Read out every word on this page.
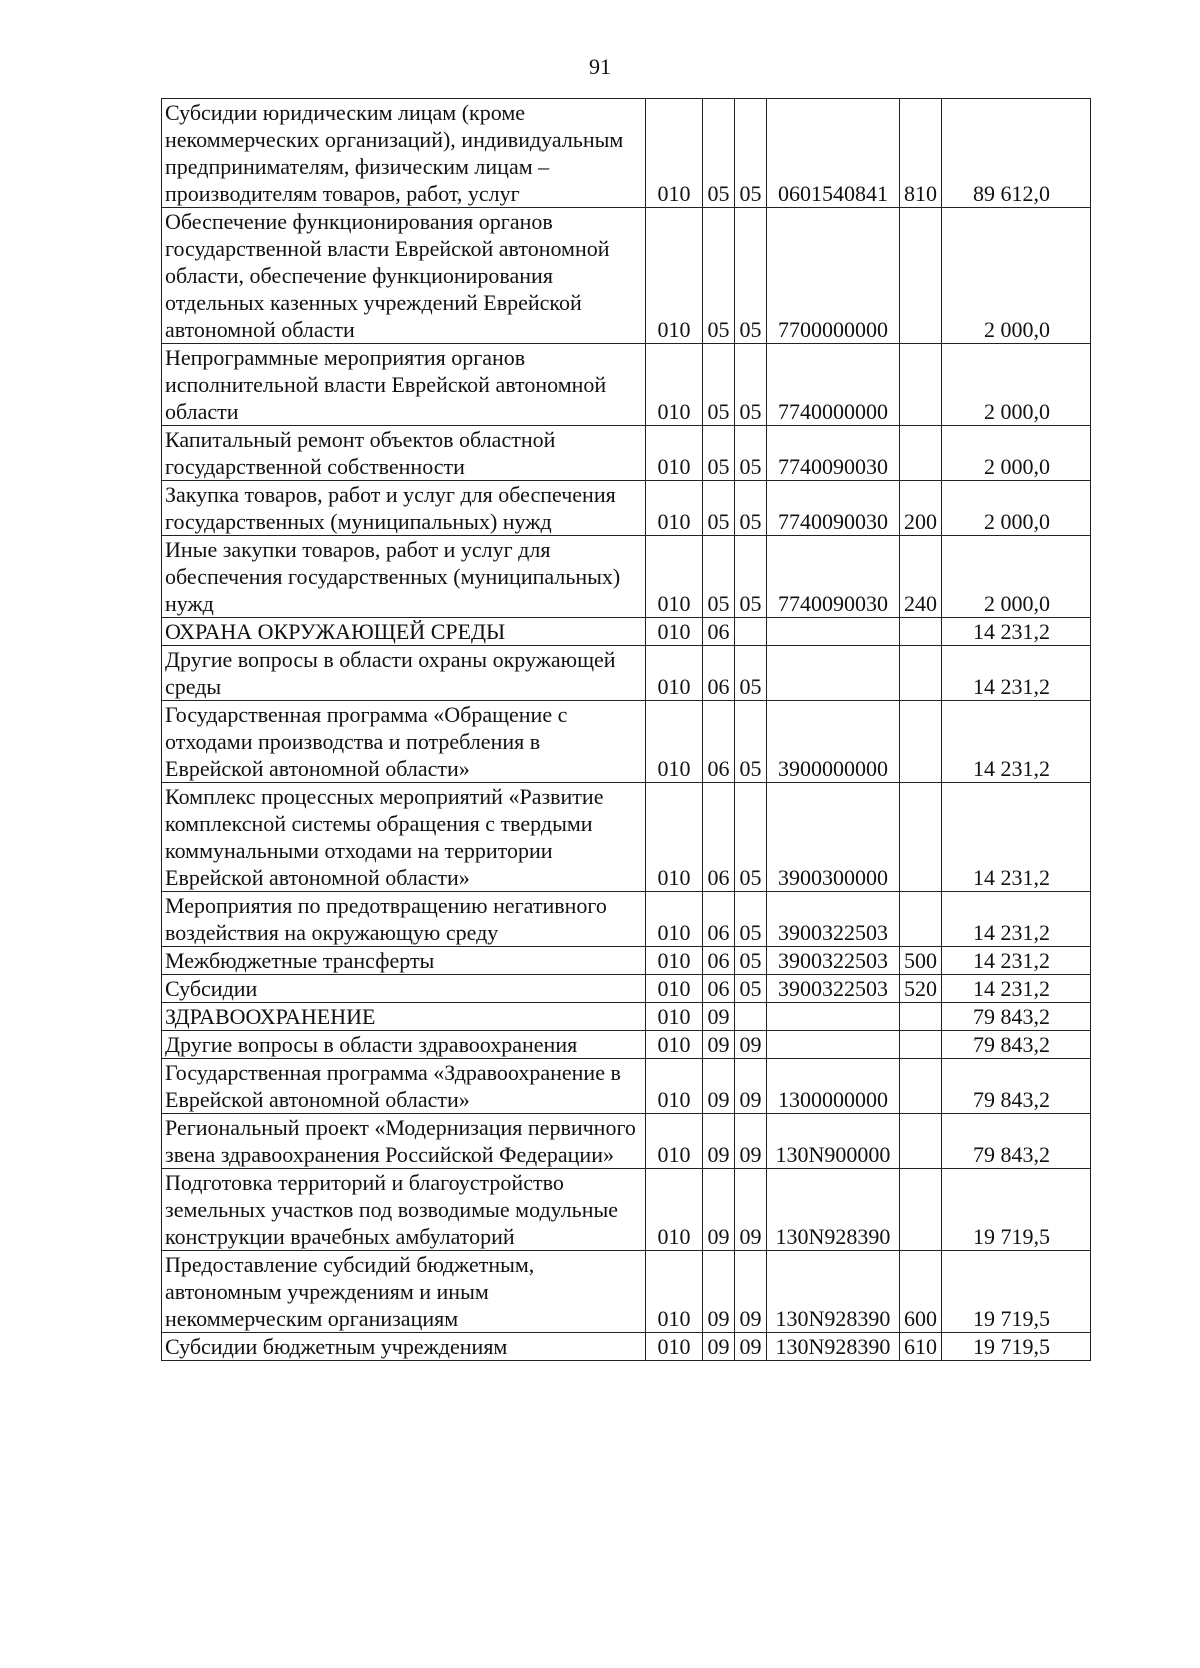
91
Субсидии юридическим лицам (кроме некоммерческих организаций), индивидуальным предпринимателям, физическим лицам – производителям товаров, работ, услуг	010	05	05	0601540841	810	89 612,0
Обеспечение функционирования органов государственной власти Еврейской автономной области, обеспечение функционирования отдельных казенных учреждений Еврейской автономной области	010	05	05	7700000000		2 000,0
Непрограммные мероприятия органов исполнительной власти Еврейской автономной области	010	05	05	7740000000		2 000,0
Капитальный ремонт объектов областной государственной собственности	010	05	05	7740090030		2 000,0
Закупка товаров, работ и услуг для обеспечения государственных (муниципальных) нужд	010	05	05	7740090030	200	2 000,0
Иные закупки товаров, работ и услуг для обеспечения государственных (муниципальных) нужд	010	05	05	7740090030	240	2 000,0
ОХРАНА ОКРУЖАЮЩЕЙ СРЕДЫ	010	06				14 231,2
Другие вопросы в области охраны окружающей среды	010	06	05			14 231,2
Государственная программа «Обращение с отходами производства и потребления в Еврейской автономной области»	010	06	05	3900000000		14 231,2
Комплекс процессных мероприятий «Развитие комплексной системы обращения с твердыми коммунальными отходами на территории Еврейской автономной области»	010	06	05	3900300000		14 231,2
Мероприятия по предотвращению негативного воздействия на окружающую среду	010	06	05	3900322503		14 231,2
Межбюджетные трансферты	010	06	05	3900322503	500	14 231,2
Субсидии	010	06	05	3900322503	520	14 231,2
ЗДРАВООХРАНЕНИЕ	010	09				79 843,2
Другие вопросы в области здравоохранения	010	09	09			79 843,2
Государственная программа «Здравоохранение в Еврейской автономной области»	010	09	09	1300000000		79 843,2
Региональный проект «Модернизация первичного звена здравоохранения Российской Федерации»	010	09	09	130N900000		79 843,2
Подготовка территорий и благоустройство земельных участков под возводимые модульные конструкции врачебных амбулаторий	010	09	09	130N928390		19 719,5
Предоставление субсидий бюджетным, автономным учреждениям и иным некоммерческим организациям	010	09	09	130N928390	600	19 719,5
Субсидии бюджетным учреждениям	010	09	09	130N928390	610	19 719,5
